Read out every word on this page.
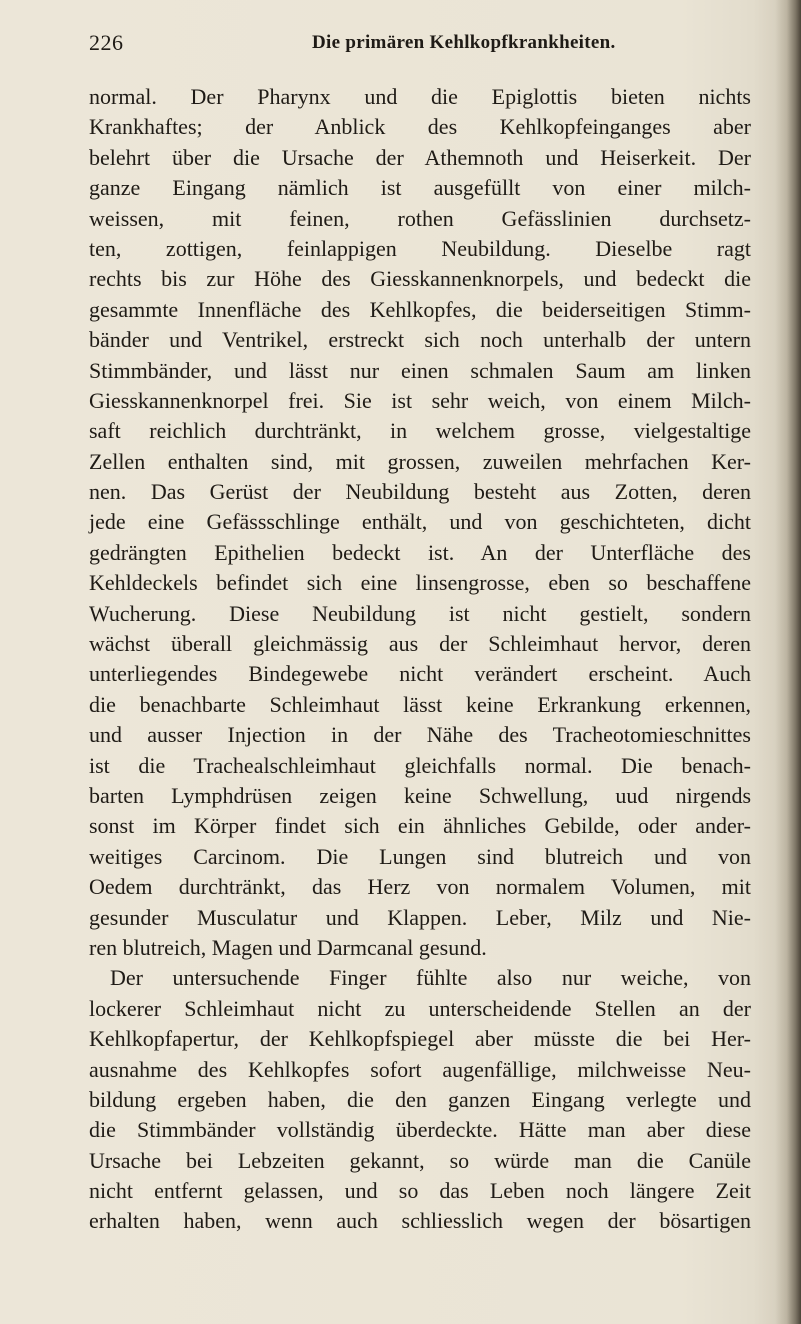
226	Die primären Kehlkopfkrankheiten.
normal. Der Pharynx und die Epiglottis bieten nichts
Krankhaftes; der Anblick des Kehlkopfeinganges aber
belehrt über die Ursache der Athemnoth und Heiserkeit. Der
ganze Eingang nämlich ist ausgefüllt von einer milch-
weissen, mit feinen, rothen Gefässlinien durchsetz-
ten, zottigen, feinlappigen Neubildung. Dieselbe ragt
rechts bis zur Höhe des Giesskannenknorpels, und bedeckt die
gesammte Innenfläche des Kehlkopfes, die beiderseitigen Stimm-
bänder und Ventrikel, erstreckt sich noch unterhalb der untern
Stimmbänder, und lässt nur einen schmalen Saum am linken
Giesskannenknorpel frei. Sie ist sehr weich, von einem Milch-
saft reichlich durchtränkt, in welchem grosse, vielgestaltige
Zellen enthalten sind, mit grossen, zuweilen mehrfachen Ker-
nen. Das Gerüst der Neubildung besteht aus Zotten, deren
jede eine Gefässschlinge enthält, und von geschichteten, dicht
gedrängten Epithelien bedeckt ist. An der Unterfläche des
Kehldeckels befindet sich eine linsengrosse, eben so beschaffene
Wucherung. Diese Neubildung ist nicht gestielt, sondern
wächst überall gleichmässig aus der Schleimhaut hervor, deren
unterliegendes Bindegewebe nicht verändert erscheint. Auch
die benachbarte Schleimhaut lässt keine Erkrankung erkennen,
und ausser Injection in der Nähe des Tracheotomieschnittes
ist die Trachealschleimhaut gleichfalls normal. Die benach-
barten Lymphdrüsen zeigen keine Schwellung, uud nirgends
sonst im Körper findet sich ein ähnliches Gebilde, oder ander-
weitiges Carcinom. Die Lungen sind blutreich und von
Oedem durchtränkt, das Herz von normalem Volumen, mit
gesunder Musculatur und Klappen. Leber, Milz und Nie-
ren blutreich, Magen und Darmcanal gesund.
Der untersuchende Finger fühlte also nur weiche, von
lockerer Schleimhaut nicht zu unterscheidende Stellen an der
Kehlkopfapertur, der Kehlkopfspiegel aber müsste die bei Her-
ausnahme des Kehlkopfes sofort augenfällige, milchweisse Neu-
bildung ergeben haben, die den ganzen Eingang verlegte und
die Stimmbänder vollständig überdeckte. Hätte man aber diese
Ursache bei Lebzeiten gekannt, so würde man die Canüle
nicht entfernt gelassen, und so das Leben noch längere Zeit
erhalten haben, wenn auch schliesslich wegen der bösartigen
